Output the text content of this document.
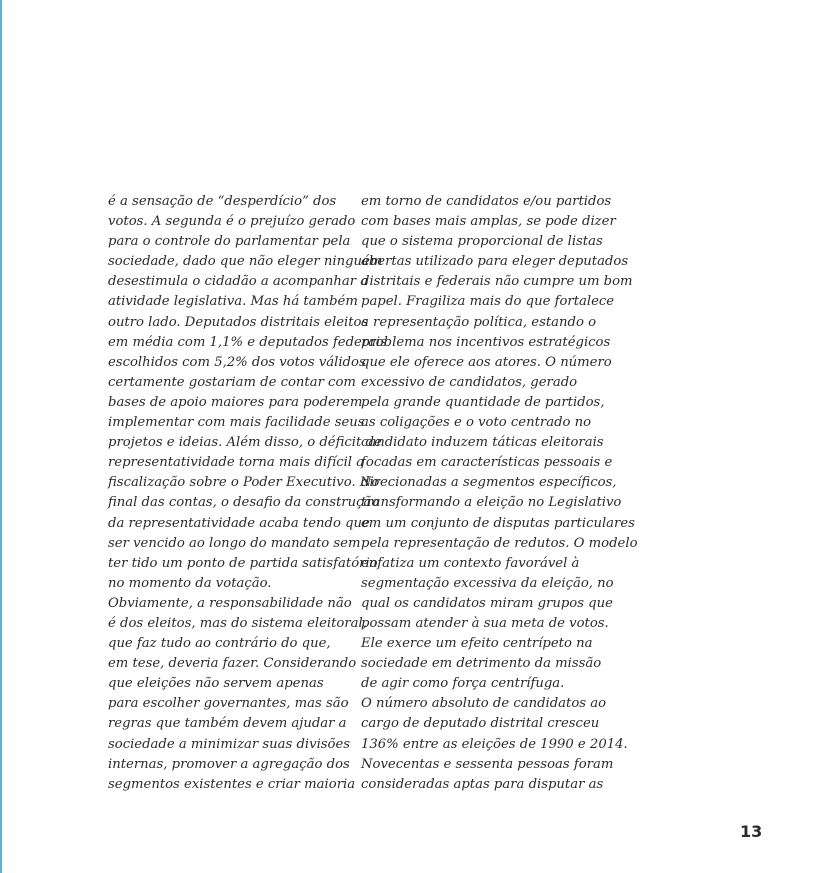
é a sensação de “desperdício” dos
votos. A segunda é o prejuízo gerado
para o controle do parlamentar pela
sociedade, dado que não eleger ninguém
desestimula o cidadão a acompanhar a
atividade legislativa. Mas há também
outro lado. Deputados distritais eleitos
em média com 1,1% e deputados federais
escolhidos com 5,2% dos votos válidos
certamente gostariam de contar com
bases de apoio maiores para poderem
implementar com mais facilidade seus
projetos e ideias. Além disso, o déficit de
representatividade torna mais difícil a
fiscalização sobre o Poder Executivo. No
final das contas, o desafio da construção
da representatividade acaba tendo que
ser vencido ao longo do mandato sem
ter tido um ponto de partida satisfatório
no momento da votação.
Obviamente, a responsabilidade não
é dos eleitos, mas do sistema eleitoral,
que faz tudo ao contrário do que,
em tese, deveria fazer. Considerando
que eleições não servem apenas
para escolher governantes, mas são
regras que também devem ajudar a
sociedade a minimizar suas divisões
internas, promover a agregação dos
segmentos existentes e criar maioria
em torno de candidatos e/ou partidos
com bases mais amplas, se pode dizer
que o sistema proporcional de listas
abertas utilizado para eleger deputados
distritais e federais não cumpre um bom
papel. Fragiliza mais do que fortalece
a representação política, estando o
problema nos incentivos estratégicos
que ele oferece aos atores. O número
excessivo de candidatos, gerado
pela grande quantidade de partidos,
as coligações e o voto centrado no
candidato induzem táticas eleitorais
focadas em características pessoais e
direcionadas a segmentos específicos,
transformando a eleição no Legislativo
em um conjunto de disputas particulares
pela representação de redutos. O modelo
enfatiza um contexto favorável à
segmentação excessiva da eleição, no
qual os candidatos miram grupos que
possam atender à sua meta de votos.
Ele exerce um efeito centrípeto na
sociedade em detrimento da missão
de agir como força centrífuga.
O número absoluto de candidatos ao
cargo de deputado distrital cresceu
136% entre as eleições de 1990 e 2014.
Novecentas e sessenta pessoas foram
consideradas aptas para disputar as
13
